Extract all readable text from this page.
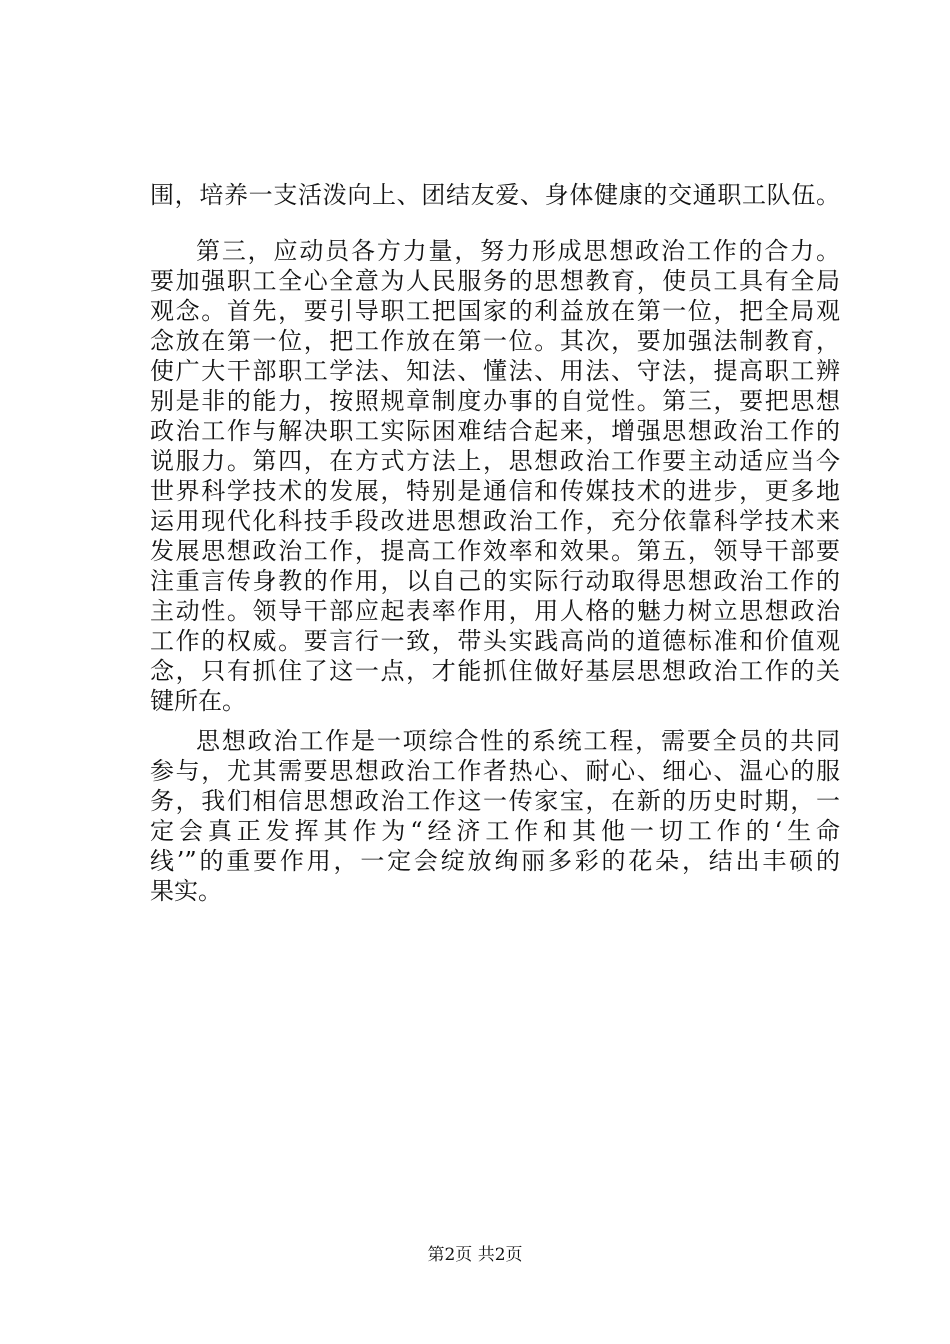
围，培养一支活泼向上、团结友爱、身体健康的交通职工队伍。
第三，应动员各方力量，努力形成思想政治工作的合力。
要加强职工全心全意为人民服务的思想教育，使员工具有全局
观念。首先，要引导职工把国家的利益放在第一位，把全局观
念放在第一位，把工作放在第一位。其次，要加强法制教育，
使广大干部职工学法、知法、懂法、用法、守法，提高职工辨
别是非的能力，按照规章制度办事的自觉性。第三，要把思想
政治工作与解决职工实际困难结合起来，增强思想政治工作的
说服力。第四，在方式方法上，思想政治工作要主动适应当今
世界科学技术的发展，特别是通信和传媒技术的进步，更多地
运用现代化科技手段改进思想政治工作，充分依靠科学技术来
发展思想政治工作，提高工作效率和效果。第五，领导干部要
注重言传身教的作用，以自己的实际行动取得思想政治工作的
主动性。领导干部应起表率作用，用人格的魅力树立思想政治
工作的权威。要言行一致，带头实践高尚的道德标准和价值观
念，只有抓住了这一点，才能抓住做好基层思想政治工作的关
键所在。
思想政治工作是一项综合性的系统工程，需要全员的共同
参与，尤其需要思想政治工作者热心、耐心、细心、温心的服
务，我们相信思想政治工作这一传家宝，在新的历史时期，一
定会真正发挥其作为“经济工作和其他一切工作的‘生命
线’”的重要作用，一定会绽放绚丽多彩的花朵，结出丰硕的
果实。
第2页 共2页
